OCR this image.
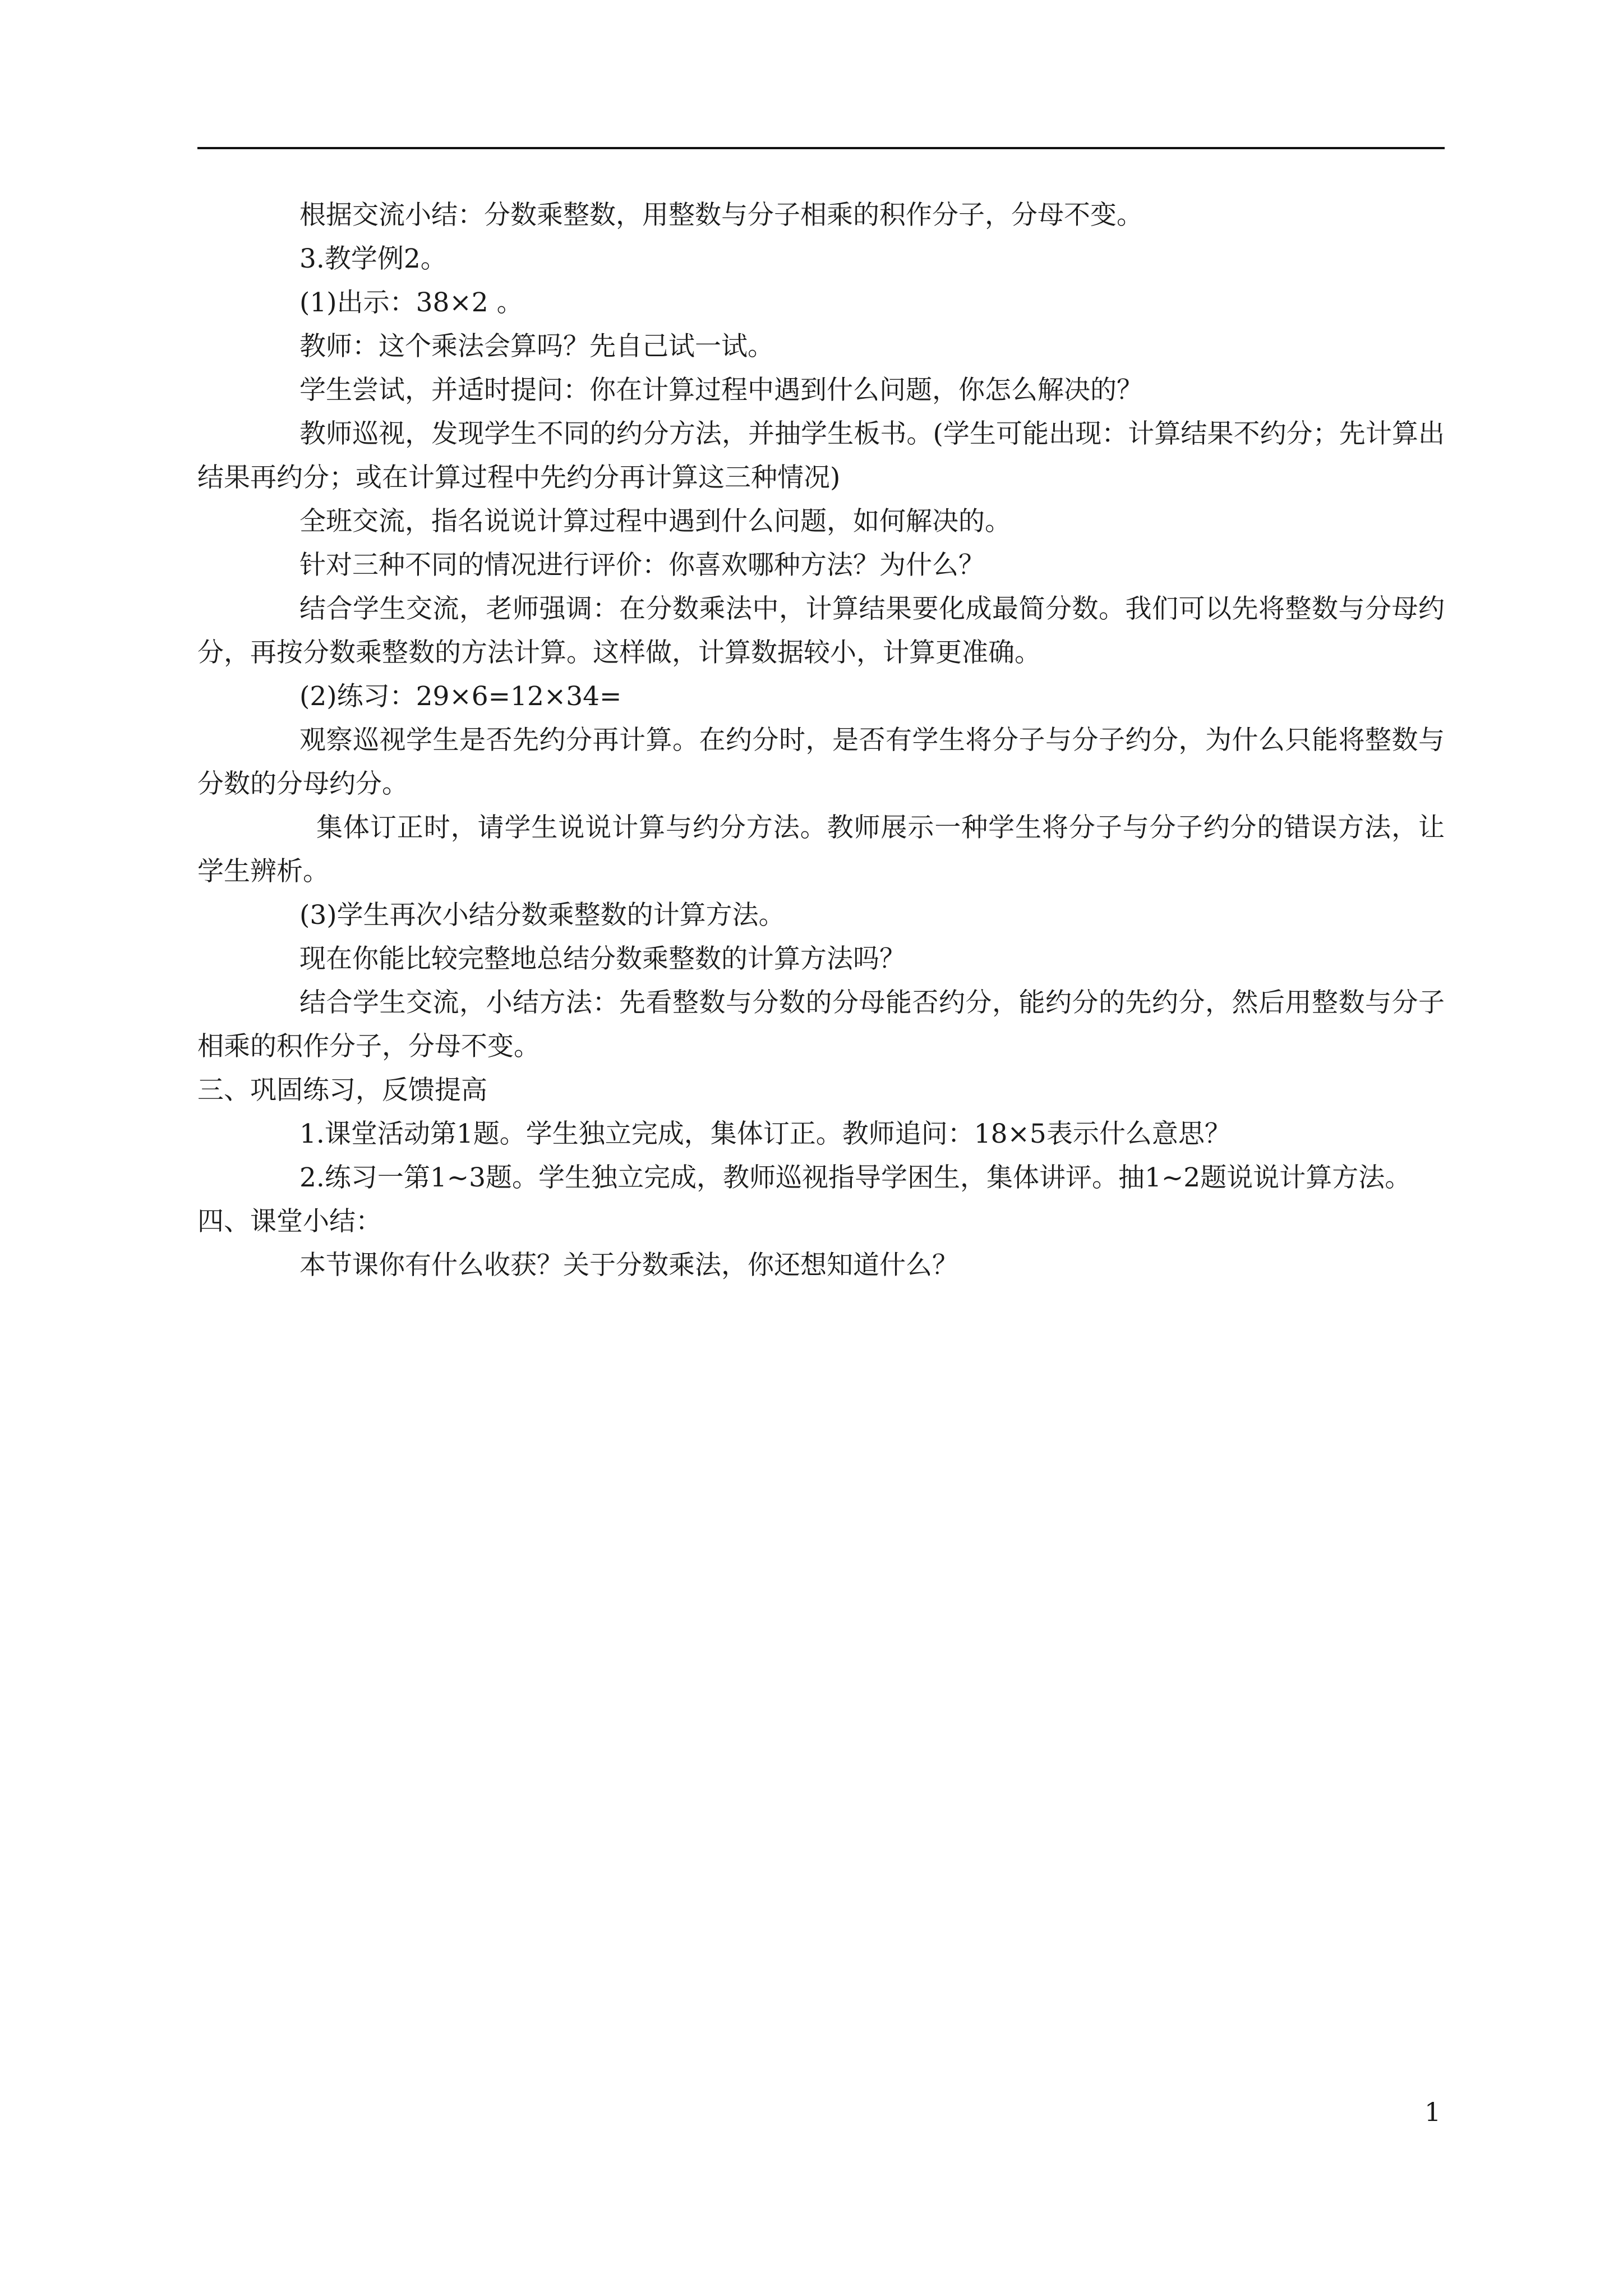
根据交流小结：分数乘整数，用整数与分子相乘的积作分子，分母不变。

3.教学例2。

(1)出示：38×2 。

教师：这个乘法会算吗？先自己试一试。

学生尝试，并适时提问：你在计算过程中遇到什么问题，你怎么解决的？

教师巡视，发现学生不同的约分方法，并抽学生板书。(学生可能出现：计算结果不约分；先计算出结果再约分；或在计算过程中先约分再计算这三种情况)

全班交流，指名说说计算过程中遇到什么问题，如何解决的。

针对三种不同的情况进行评价：你喜欢哪种方法？为什么？

结合学生交流，老师强调：在分数乘法中，计算结果要化成最简分数。我们可以先将整数与分母约分，再按分数乘整数的方法计算。这样做，计算数据较小，计算更准确。

(2)练习：29×6=12×34=

观察巡视学生是否先约分再计算。在约分时，是否有学生将分子与分子约分，为什么只能将整数与分数的分母约分。

集体订正时，请学生说说计算与约分方法。教师展示一种学生将分子与分子约分的错误方法，让学生辨析。

(3)学生再次小结分数乘整数的计算方法。

现在你能比较完整地总结分数乘整数的计算方法吗？

结合学生交流，小结方法：先看整数与分数的分母能否约分，能约分的先约分，然后用整数与分子相乘的积作分子，分母不变。

三、巩固练习，反馈提高

1.课堂活动第1题。学生独立完成，集体订正。教师追问：18×5表示什么意思？

2.练习一第1~3题。学生独立完成，教师巡视指导学困生，集体讲评。抽1~2题说说计算方法。

四、课堂小结：

本节课你有什么收获？关于分数乘法，你还想知道什么？

1
